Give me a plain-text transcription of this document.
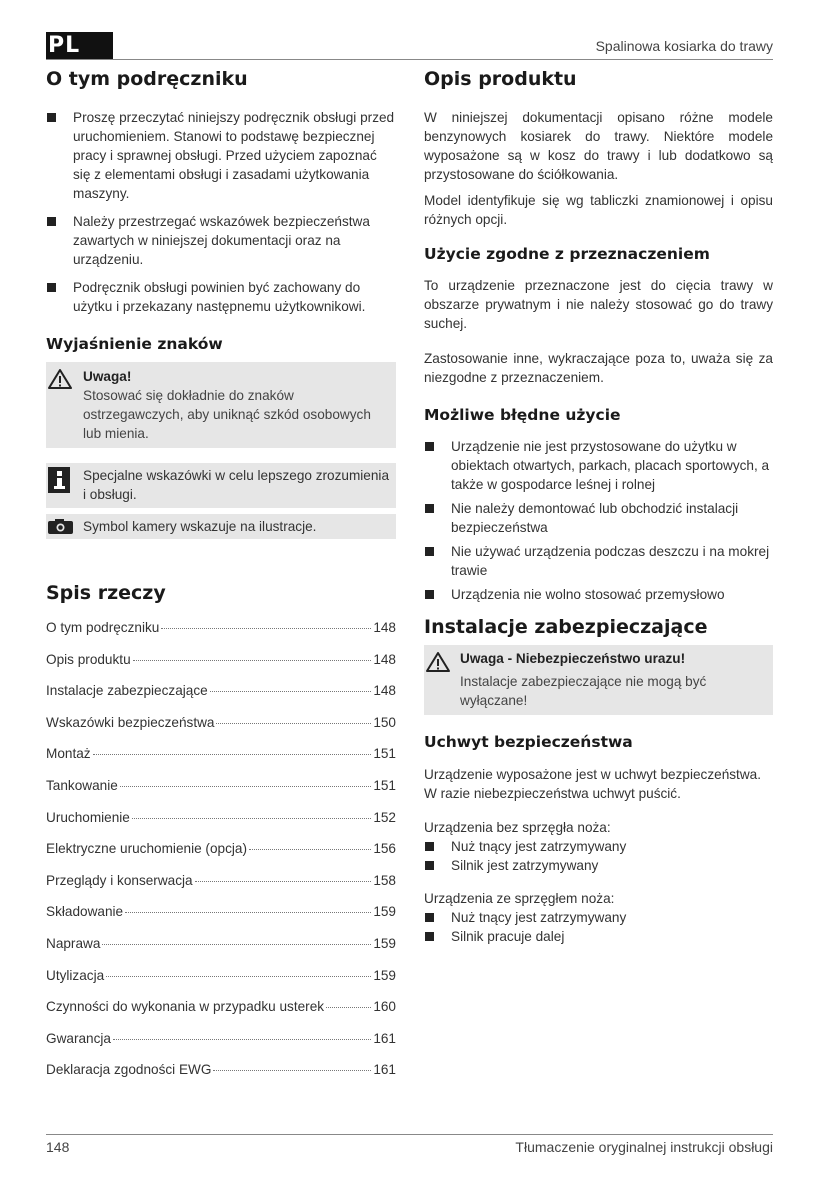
PL	Spalinowa kosiarka do trawy
O tym podręczniku
Proszę przeczytać niniejszy podręcznik obsługi przed uruchomieniem. Stanowi to podstawę bezpiecznej pracy i sprawnej obsługi. Przed użyciem zapoznać się z elementami obsługi i zasadami użytkowania maszyny.
Należy przestrzegać wskazówek bezpieczeństwa zawartych w niniejszej dokumentacji oraz na urządzeniu.
Podręcznik obsługi powinien być zachowany do użytku i przekazany następnemu użytkownikowi.
Wyjaśnienie znaków
Uwaga!
Stosować się dokładnie do znaków ostrzegawczych, aby uniknąć szkód osobowych lub mienia.
Specjalne wskazówki w celu lepszego zrozumienia i obsługi.
Symbol kamery wskazuje na ilustracje.
Spis rzeczy
O tym podręczniku	148
Opis produktu	148
Instalacje zabezpieczające	148
Wskazówki bezpieczeństwa	150
Montaż	151
Tankowanie	151
Uruchomienie	152
Elektryczne uruchomienie (opcja)	156
Przeglądy i konserwacja	158
Składowanie	159
Naprawa	159
Utylizacja	159
Czynności do wykonania w przypadku usterek	160
Gwarancja	161
Deklaracja zgodności EWG	161
Opis produktu

W niniejszej dokumentacji opisano różne modele benzynowych kosiarek do trawy. Niektóre modele wyposażone są w kosz do trawy i lub dodatkowo są przystosowane do ściółkowania.

Model identyfikuje się wg tabliczki znamionowej i opisu różnych opcji.

Użycie zgodne z przeznaczeniem

To urządzenie przeznaczone jest do cięcia trawy w obszarze prywatnym i nie należy stosować go do trawy suchej.

Zastosowanie inne, wykraczające poza to, uważa się za niezgodne z przeznaczeniem.

Możliwe błędne użycie
Urządzenie nie jest przystosowane do użytku w obiektach otwartych, parkach, placach sportowych, a także w gospodarce leśnej i rolnej
Nie należy demontować lub obchodzić instalacji bezpieczeństwa
Nie używać urządzenia podczas deszczu i na mokrej trawie
Urządzenia nie wolno stosować przemysłowo
Instalacje zabezpieczające
Uwaga - Niebezpieczeństwo urazu!
Instalacje zabezpieczające nie mogą być wyłączane!
Uchwyt bezpieczeństwa

Urządzenie wyposażone jest w uchwyt bezpieczeństwa. W razie niebezpieczeństwa uchwyt puścić.

Urządzenia bez sprzęgła noża:

Nuż tnący jest zatrzymywany
Silnik jest zatrzymywany

Urządzenia ze sprzęgłem noża:

Nuż tnący jest zatrzymywany
Silnik pracuje dalej
148	Tłumaczenie oryginalnej instrukcji obsługi
